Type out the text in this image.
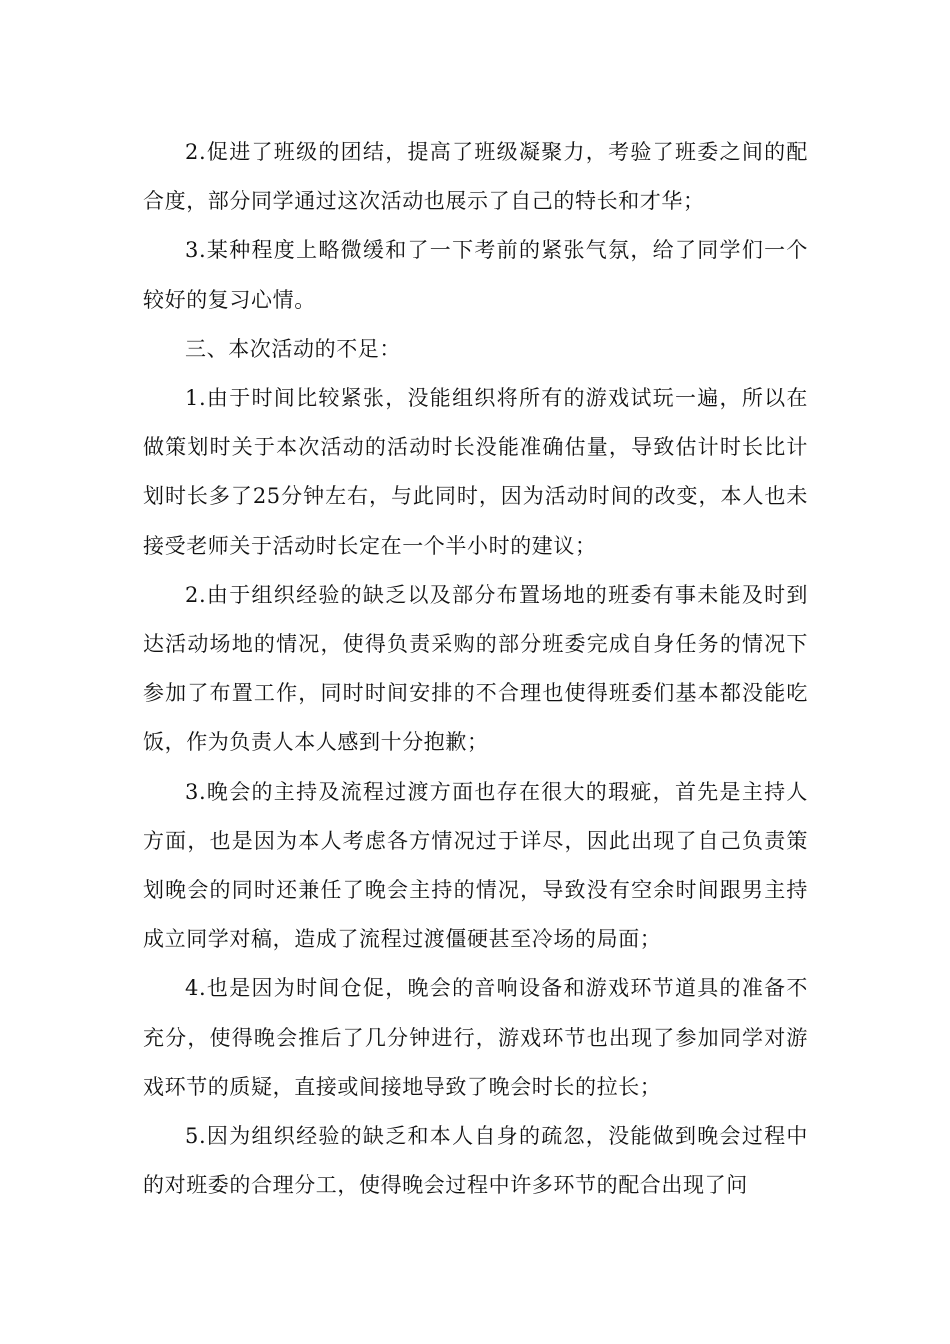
2.促进了班级的团结，提高了班级凝聚力，考验了班委之间的配合度，部分同学通过这次活动也展示了自己的特长和才华；

3.某种程度上略微缓和了一下考前的紧张气氛，给了同学们一个较好的复习心情。

三、本次活动的不足：

1.由于时间比较紧张，没能组织将所有的游戏试玩一遍，所以在做策划时关于本次活动的活动时长没能准确估量，导致估计时长比计划时长多了25分钟左右，与此同时，因为活动时间的改变，本人也未接受老师关于活动时长定在一个半小时的建议；

2.由于组织经验的缺乏以及部分布置场地的班委有事未能及时到达活动场地的情况，使得负责采购的部分班委完成自身任务的情况下参加了布置工作，同时时间安排的不合理也使得班委们基本都没能吃饭，作为负责人本人感到十分抱歉；

3.晚会的主持及流程过渡方面也存在很大的瑕疵，首先是主持人方面，也是因为本人考虑各方情况过于详尽，因此出现了自己负责策划晚会的同时还兼任了晚会主持的情况，导致没有空余时间跟男主持成立同学对稿，造成了流程过渡僵硬甚至冷场的局面；

4.也是因为时间仓促，晚会的音响设备和游戏环节道具的准备不充分，使得晚会推后了几分钟进行，游戏环节也出现了参加同学对游戏环节的质疑，直接或间接地导致了晚会时长的拉长；

5.因为组织经验的缺乏和本人自身的疏忽，没能做到晚会过程中的对班委的合理分工，使得晚会过程中许多环节的配合出现了问
